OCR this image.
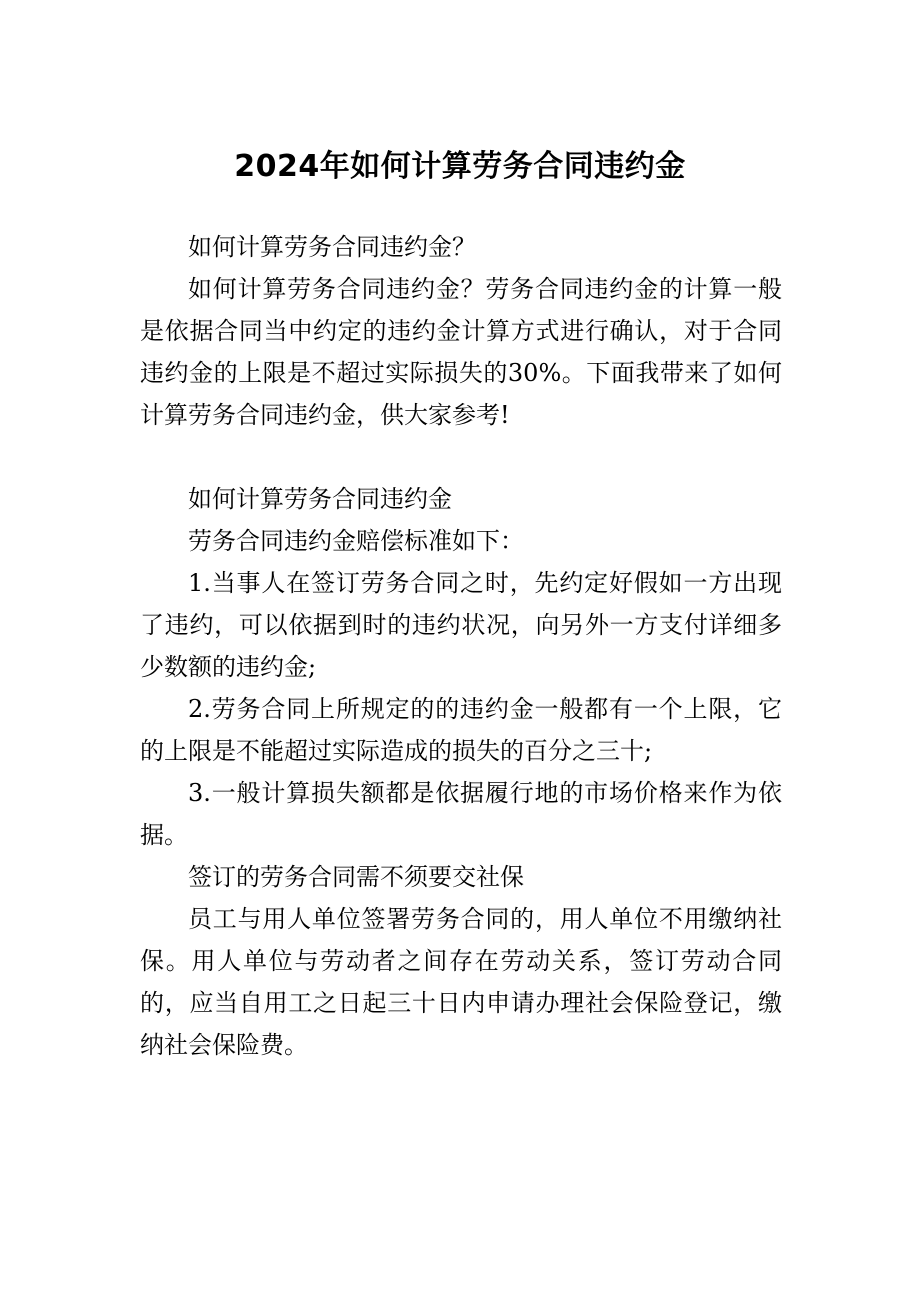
2024年如何计算劳务合同违约金

如何计算劳务合同违约金？

如何计算劳务合同违约金？劳务合同违约金的计算一般是依据合同当中约定的违约金计算方式进行确认，对于合同违约金的上限是不超过实际损失的30%。下面我带来了如何计算劳务合同违约金，供大家参考!

如何计算劳务合同违约金

劳务合同违约金赔偿标准如下：

1.当事人在签订劳务合同之时，先约定好假如一方出现了违约，可以依据到时的违约状况，向另外一方支付详细多少数额的违约金;

2.劳务合同上所规定的的违约金一般都有一个上限，它的上限是不能超过实际造成的损失的百分之三十;

3.一般计算损失额都是依据履行地的市场价格来作为依据。

签订的劳务合同需不须要交社保

员工与用人单位签署劳务合同的，用人单位不用缴纳社保。用人单位与劳动者之间存在劳动关系，签订劳动合同的，应当自用工之日起三十日内申请办理社会保险登记，缴纳社会保险费。
